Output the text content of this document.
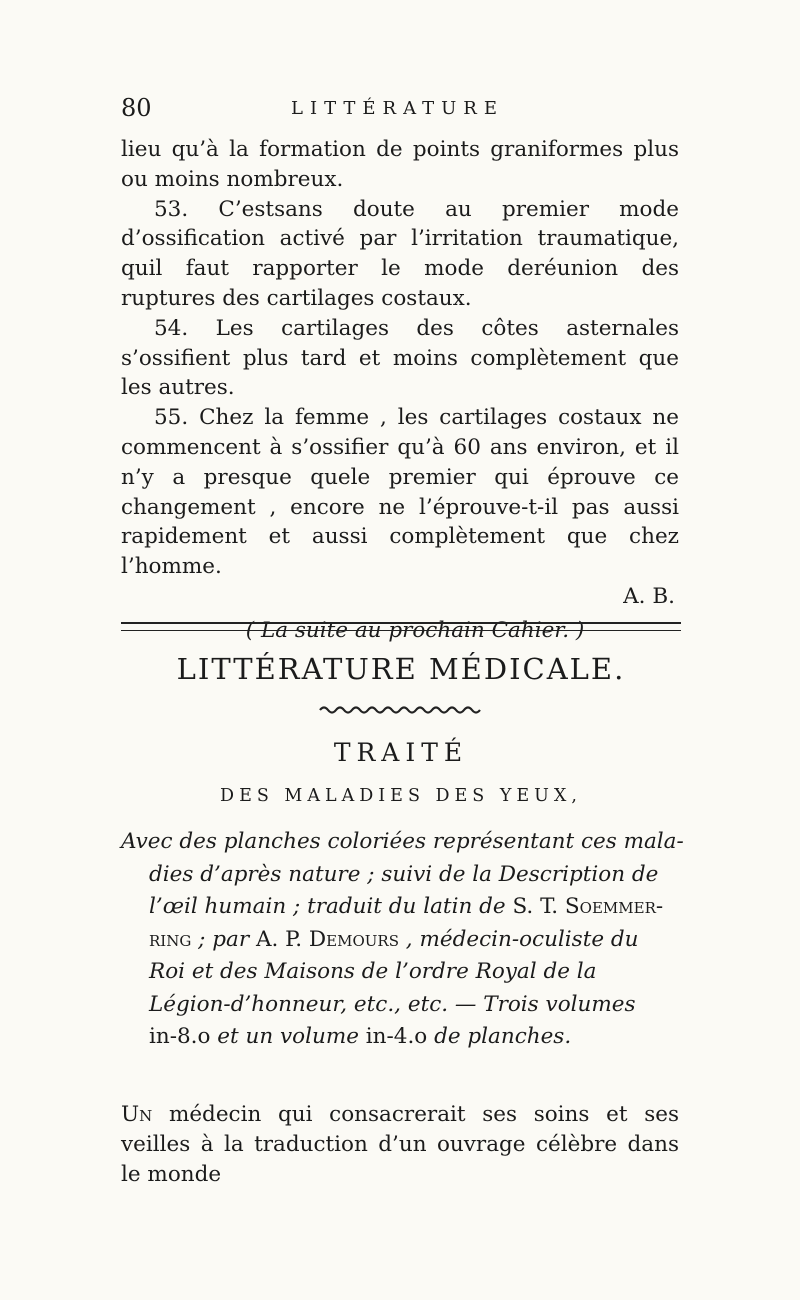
80	LITTÉRATURE

lieu qu’à la formation de points graniformes plus ou moins nombreux.

53. C’estsans doute au premier mode d’ossification activé par l’irritation traumatique, quil faut rapporter le mode deréunion des ruptures des cartilages costaux.

54. Les cartilages des côtes asternales s’ossifient plus tard et moins complètement que les autres.

55. Chez la femme , les cartilages costaux ne commencent à s’ossifier qu’à 60 ans environ, et il n’y a presque quele premier qui éprouve ce changement , encore ne l’éprouve-t-il pas aussi rapidement et aussi complètement que chez l’homme.

A. B.
( La suite au prochain Cahier. )
LITTÉRATURE MÉDICALE.
TRAITÉ
DES MALADIES DES YEUX,
Avec des planches coloriées représentant ces mala-
dies d’après nature ; suivi de la Description de
l’œil humain ; traduit du latin de S. T. Soemmer-
ring ; par A. P. Demours , médecin-oculiste du
Roi et des Maisons de l’ordre Royal de la
Légion-d’honneur, etc., etc. — Trois volumes
in-8.o et un volume in-4.o de planches.

Un médecin qui consacrerait ses soins et ses veilles à la traduction d’un ouvrage célèbre dans le monde
